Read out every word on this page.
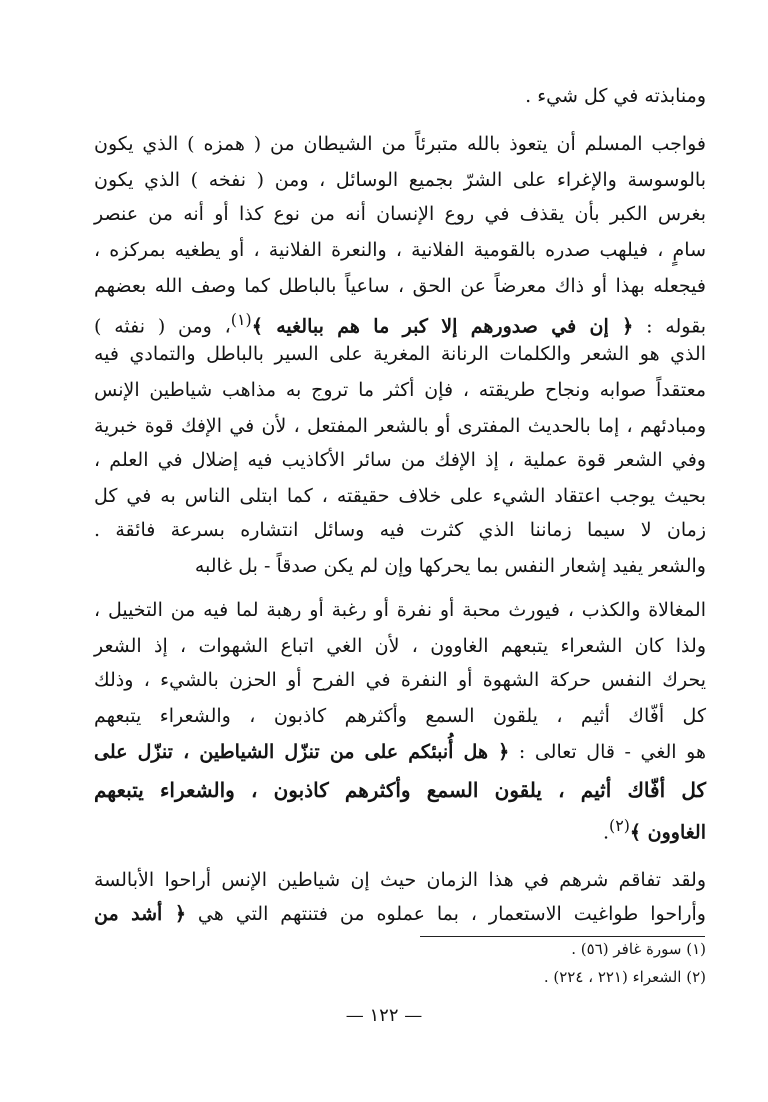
ومنابذته في كل شيء .
فواجب المسلم أن يتعوذ بالله متبرئاً من الشيطان من ( همزه ) الذي يكون
بالوسوسة والإغراء على الشرّ بجميع الوسائل ، ومن ( نفخه ) الذي يكون
بغرس الكبر بأن يقذف في روع الإنسان أنه من نوع كذا أو أنه من عنصر
سامٍ ، فيلهب صدره بالقومية الفلانية ، والنعرة الفلانية ، أو يطغيه بمركزه ،
فيجعله بهذا أو ذاك معرضاً عن الحق ، ساعياً بالباطل كما وصف الله بعضهم
بقوله : ﴿ إن في صدورهم إلا كبر ما هم ببالغيه ﴾$^{(١)}$، ومن ( نفثه )
الذي هو الشعر والكلمات الرنانة المغرية على السير بالباطل والتمادي فيه
معتقداً صوابه ونجاح طريقته ، فإن أكثر ما تروج به مذاهب شياطين الإنس
ومبادئهم ، إما بالحديث المفترى أو بالشعر المفتعل ، لأن في الإفك قوة خبرية
وفي الشعر قوة عملية ، إذ الإفك من سائر الأكاذيب فيه إضلال في العلم ،
بحيث يوجب اعتقاد الشيء على خلاف حقيقته ، كما ابتلى الناس به في كل
زمان لا سيما زماننا الذي كثرت فيه وسائل انتشاره بسرعة فائقة .
والشعر يفيد إشعار النفس بما يحركها وإن لم يكن صدقاً - بل غالبه
المغالاة والكذب ، فيورث محبة أو نفرة أو رغبة أو رهبة لما فيه من التخييل ،
ولذا كان الشعراء يتبعهم الغاوون ، لأن الغي اتباع الشهوات ، إذ الشعر
يحرك النفس حركة الشهوة أو النفرة في الفرح أو الحزن بالشيء ، وذلك
كل أفّاك أثيم ، يلقون السمع وأكثرهم كاذبون ، والشعراء يتبعهم
هو الغي - قال تعالى : ﴿ هل أُنبئكم على من تنزّل الشياطين ، تنزّل على
كل أفّاك أثيم ، يلقون السمع وأكثرهم كاذبون ، والشعراء يتبعهم
الغاوون ﴾$^{(٢)}$.
ولقد تفاقم شرهم في هذا الزمان حيث إن شياطين الإنس أراحوا الأبالسة
وأراحوا طواغيت الاستعمار ، بما عملوه من فتنتهم التي هي ﴿ أشد من
(١) سورة غافر (٥٦) .
(٢) الشعراء (٢٢١ ، ٢٢٤) .
— ١٢٢ —
